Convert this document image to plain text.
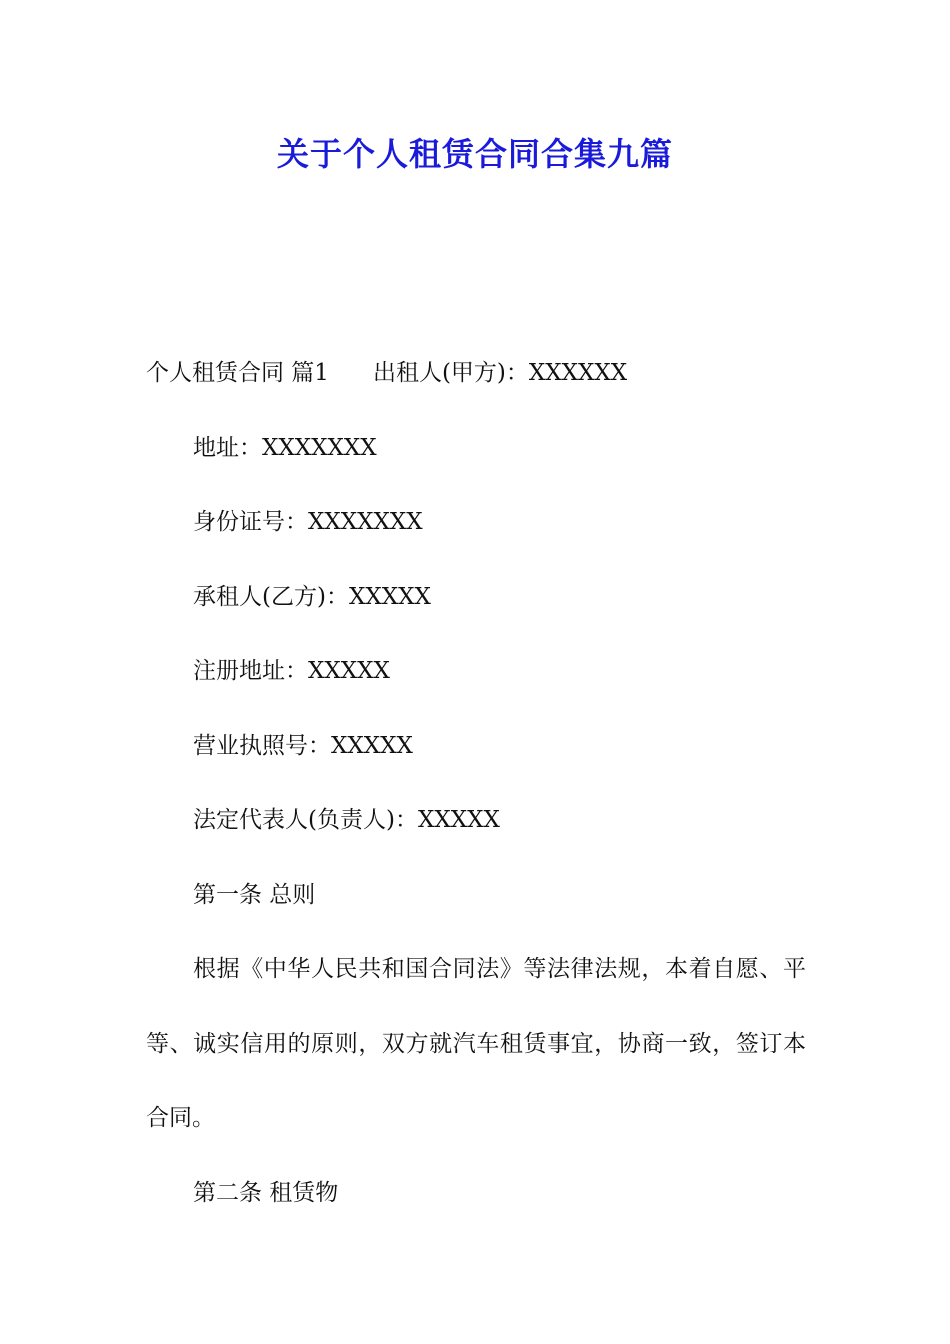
关于个人租赁合同合集九篇
个人租赁合同 篇1 出租人(甲方)：XXXXXX
地址：XXXXXXX
身份证号：XXXXXXX
承租人(乙方)：XXXXX
注册地址：XXXXX
营业执照号：XXXXX
法定代表人(负责人)：XXXXX
第一条 总则

根据《中华人民共和国合同法》等法律法规，本着自愿、平等、诚实信用的原则，双方就汽车租赁事宜，协商一致，签订本合同。

第二条 租赁物
